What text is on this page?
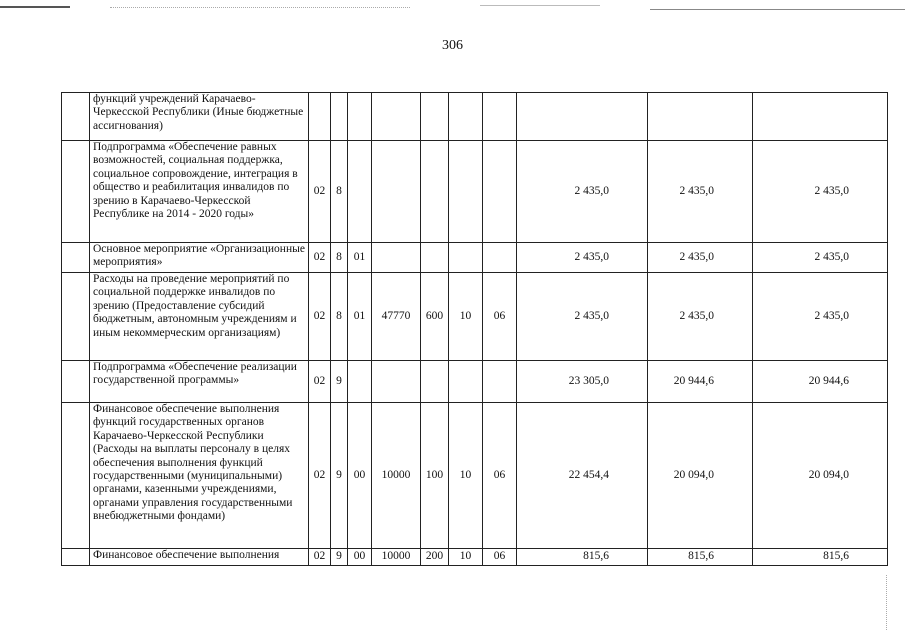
306
	функций учреждений Карачаево-Черкесской Республики (Иные бюджетные ассигнования)										
	Подпрограмма «Обеспечение равных возможностей, социальная поддержка, социальное сопровождение, интеграция в общество и реабилитация инвалидов по зрению в Карачаево-Черкесской Республике на 2014 - 2020 годы»	02	8						2 435,0	2 435,0	2 435,0
	Основное мероприятие «Организационные мероприятия»	02	8	01					2 435,0	2 435,0	2 435,0
	Расходы на проведение мероприятий по социальной поддержке инвалидов по зрению (Предоставление субсидий бюджетным, автономным учреждениям и иным некоммерческим организациям)	02	8	01	47770	600	10	06	2 435,0	2 435,0	2 435,0
	Подпрограмма «Обеспечение реализации государственной программы»	02	9						23 305,0	20 944,6	20 944,6
	Финансовое обеспечение выполнения функций государственных органов Карачаево-Черкесской Республики (Расходы на выплаты персоналу в целях обеспечения выполнения функций государственными (муниципальными) органами, казенными учреждениями, органами управления государственными внебюджетными фондами)	02	9	00	10000	100	10	06	22 454,4	20 094,0	20 094,0
	Финансовое обеспечение выполнения	02	9	00	10000	200	10	06	815,6	815,6	815,6
